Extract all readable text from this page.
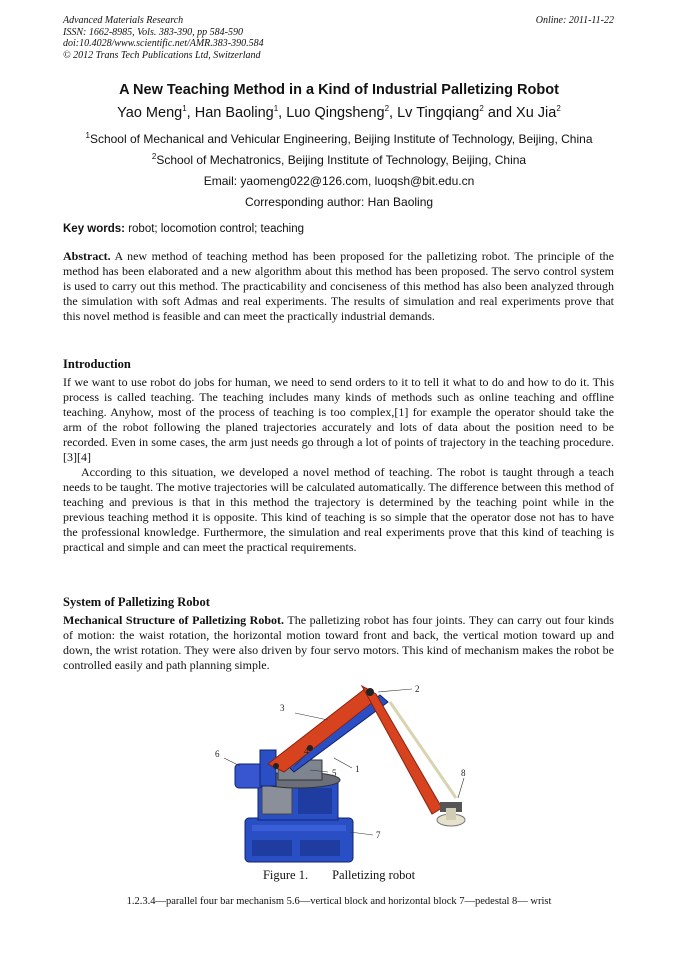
Advanced Materials Research
ISSN: 1662-8985, Vols. 383-390, pp 584-590
doi:10.4028/www.scientific.net/AMR.383-390.584
© 2012 Trans Tech Publications Ltd, Switzerland
Online: 2011-11-22
A New Teaching Method in a Kind of Industrial Palletizing Robot
Yao Meng$^1$, Han Baoling$^1$, Luo Qingsheng$^2$, Lv Tingqiang$^2$ and Xu Jia$^2$
$^1$School of Mechanical and Vehicular Engineering, Beijing Institute of Technology, Beijing, China
$^2$School of Mechatronics, Beijing Institute of Technology, Beijing, China
Email: yaomeng022@126.com, luoqsh@bit.edu.cn
Corresponding author: Han Baoling
Key words: robot; locomotion control; teaching
Abstract. A new method of teaching method has been proposed for the palletizing robot. The principle of the method has been elaborated and a new algorithm about this method has been proposed. The servo control system is used to carry out this method. The practicability and conciseness of this method has also been analyzed through the simulation with soft Admas and real experiments. The results of simulation and real experiments prove that this novel method is feasible and can meet the practically industrial demands.
Introduction
If we want to use robot do jobs for human, we need to send orders to it to tell it what to do and how to do it. This process is called teaching. The teaching includes many kinds of methods such as online teaching and offline teaching. Anyhow, most of the process of teaching is too complex,[1] for example the operator should take the arm of the robot following the planed trajectories accurately and lots of data about the position need to be recorded. Even in some cases, the arm just needs go through a lot of points of trajectory in the teaching procedure.[3][4]
According to this situation, we developed a novel method of teaching. The robot is taught through a teach needs to be taught. The motive trajectories will be calculated automatically. The difference between this method of teaching and previous is that in this method the trajectory is determined by the teaching point while in the previous teaching method it is opposite. This kind of teaching is so simple that the operator dose not has to have the professional knowledge. Furthermore, the simulation and real experiments prove that this kind of teaching is practical and simple and can meet the practical requirements.
System of Palletizing Robot
Mechanical Structure of Palletizing Robot. The palletizing robot has four joints. They can carry out four kinds of motion: the waist rotation, the horizontal motion toward front and back, the vertical motion toward up and down, the wrist rotation. They were also driven by four servo motors. This kind of mechanism makes the robot be controlled easily and path planning simple.
3
2
6	4
5 1
7
8
Figure 1. Palletizing robot
1.2.3.4—parallel four bar mechanism 5.6—vertical block and horizontal block 7—pedestal 8— wrist
